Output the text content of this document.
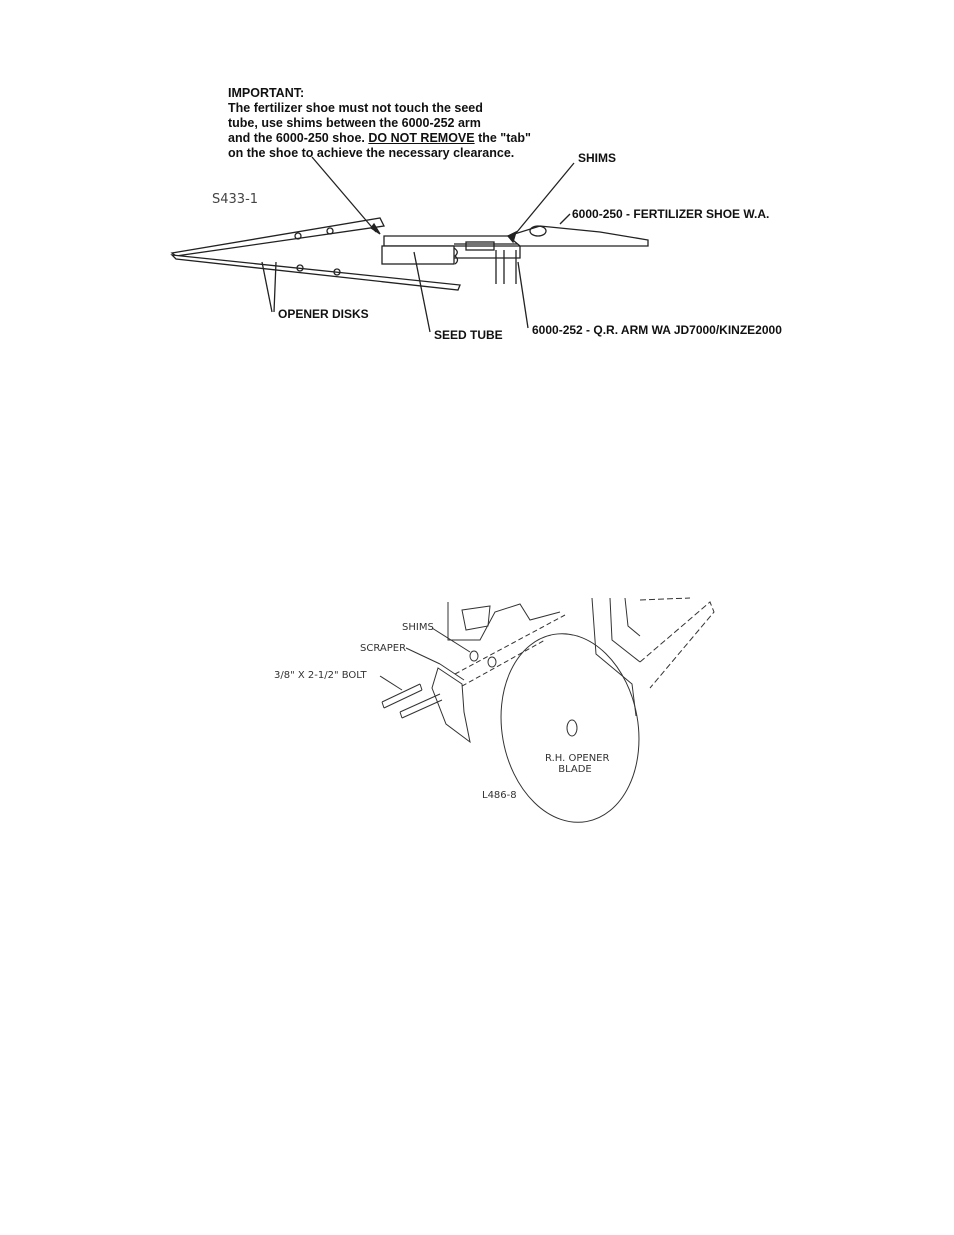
IMPORTANT:
The fertilizer shoe must not touch the seed
tube, use shims between the 6000-252 arm
and the 6000-250 shoe. DO NOT REMOVE the "tab"
on the shoe to achieve the necessary clearance.
S433-1
SHIMS
6000-250 - FERTILIZER SHOE W.A.
OPENER DISKS
SEED TUBE 6000-252 - Q.R. ARM WA JD7000/KINZE2000
SHIMS
SCRAPER
3/8" X 2-1/2" BOLT
R.H. OPENER
BLADE
L486-8
